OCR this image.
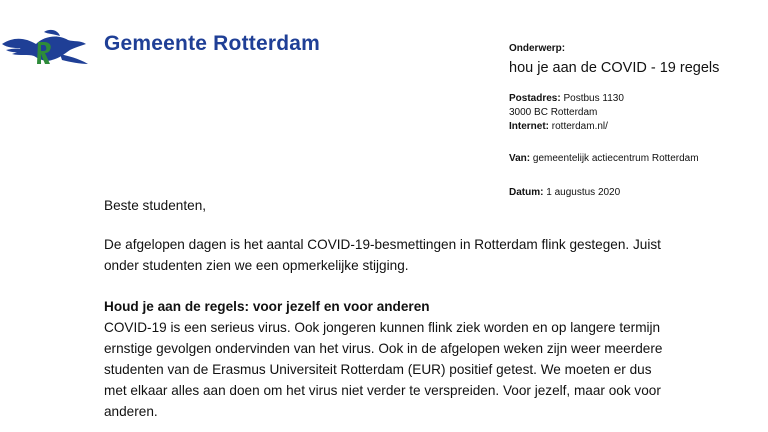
Gemeente Rotterdam	Onderwerp:
hou je aan de COVID - 19 regels
Postadres: Postbus 1130
3000 BC Rotterdam
Internet: rotterdam.nl/
Van: gemeentelijk actiecentrum Rotterdam
Datum: 1 augustus 2020
Beste studenten,
De afgelopen dagen is het aantal COVID-19-besmettingen in Rotterdam flink gestegen. Juist
onder studenten zien we een opmerkelijke stijging.
Houd je aan de regels: voor jezelf en voor anderen
COVID-19 is een serieus virus. Ook jongeren kunnen flink ziek worden en op langere termijn
ernstige gevolgen ondervinden van het virus. Ook in de afgelopen weken zijn weer meerdere
studenten van de Erasmus Universiteit Rotterdam (EUR) positief getest. We moeten er dus
met elkaar alles aan doen om het virus niet verder te verspreiden. Voor jezelf, maar ook voor
anderen.
